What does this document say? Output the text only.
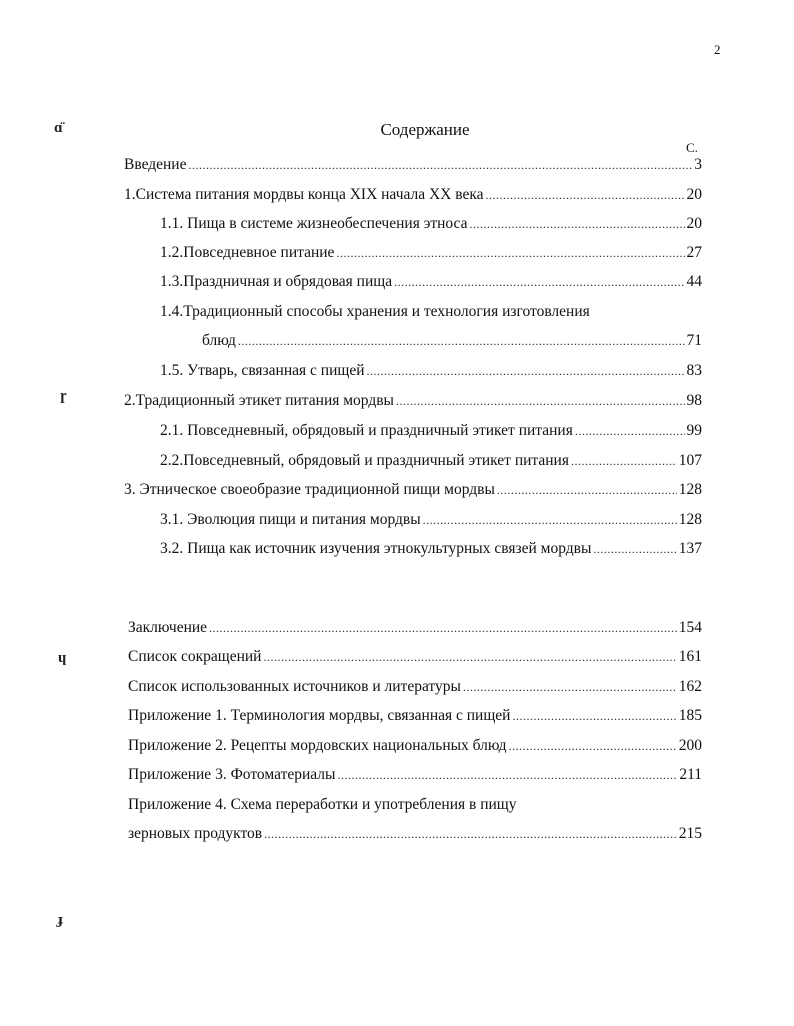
2
Содержание
С.
ɑ̈
ɼ
ɥ
ɟ
Введение .....	3
1.Система питания мордвы конца XIX начала XX века .....	20
1.1. Пища в системе жизнеобеспечения этноса .....	20
1.2.Повседневное питание .....	27
1.3.Праздничная и обрядовая пища .....	44
1.4.Традиционный способы хранения и технология изготовления
блюд .....	71
1.5. Утварь, связанная с пищей .....	83
2.Традиционный этикет питания мордвы .....	98
2.1. Повседневный, обрядовый и праздничный этикет питания .....	99
2.2.Повседневный, обрядовый и праздничный этикет питания .....	107
3. Этническое своеобразие традиционной пищи мордвы .....	128
3.1. Эволюция пищи и питания мордвы .....	128
3.2. Пища как источник изучения этнокультурных связей мордвы .....	137
Заключение .....	154
Список сокращений .....	161
Список использованных источников и литературы .....	162
Приложение 1. Терминология мордвы, связанная с пищей .....	185
Приложение 2. Рецепты мордовских национальных блюд .....	200
Приложение 3. Фотоматериалы .....	211
Приложение 4. Схема переработки и употребления в пищу
зерновых продуктов .....	215
